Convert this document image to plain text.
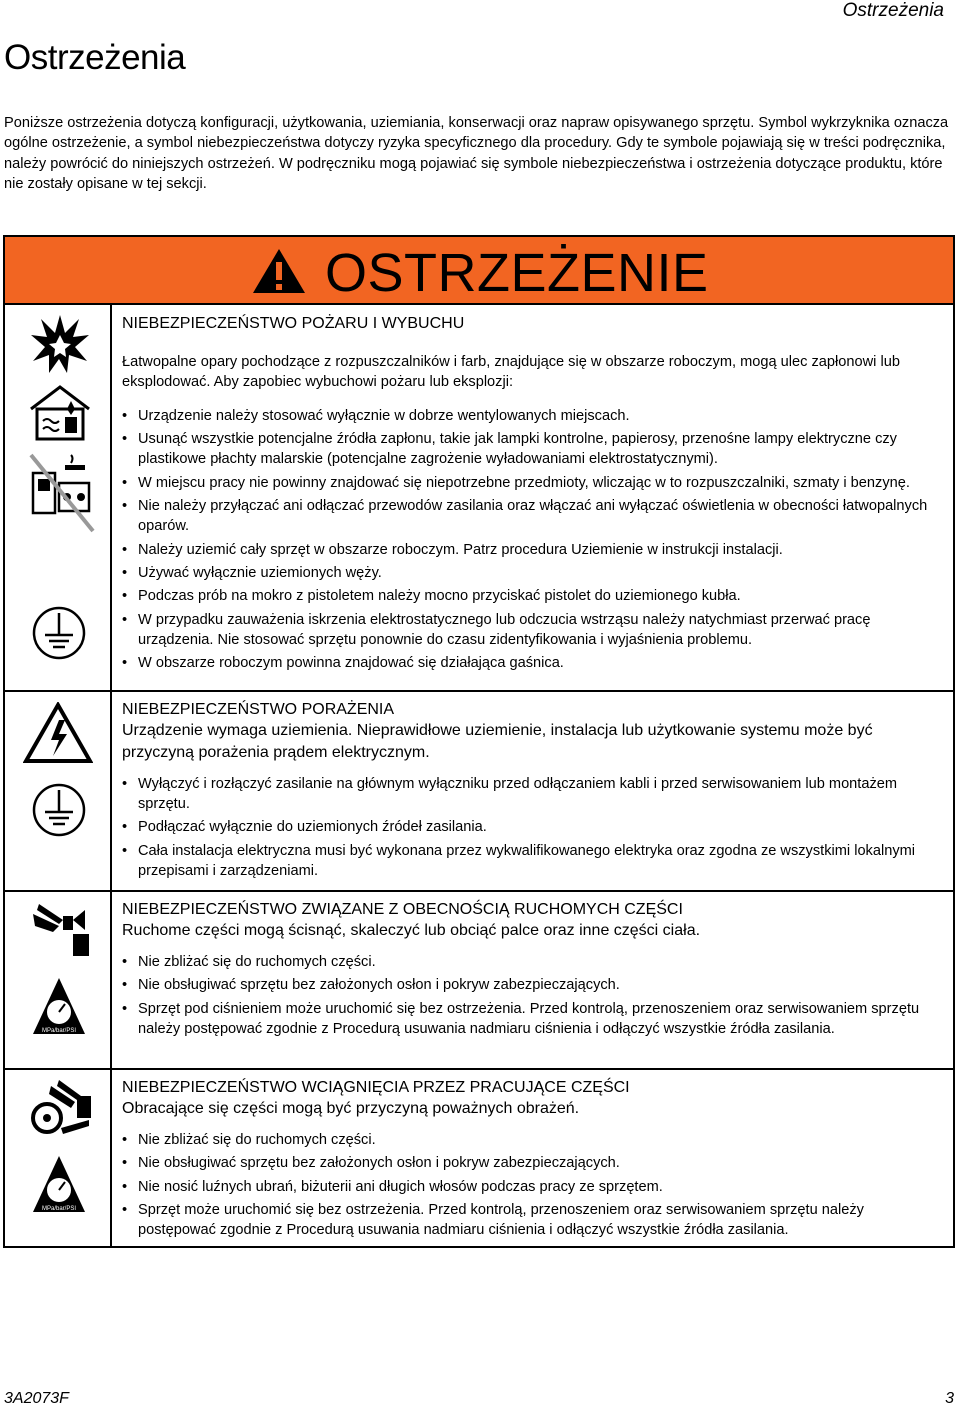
Ostrzeżenia
Ostrzeżenia

Poniższe ostrzeżenia dotyczą konfiguracji, użytkowania, uziemiania, konserwacji oraz napraw opisywanego sprzętu. Symbol wykrzyknika oznacza ogólne ostrzeżenie, a symbol niebezpieczeństwa dotyczy ryzyka specyficznego dla procedury. Gdy te symbole pojawiają się w treści podręcznika, należy powrócić do niniejszych ostrzeżeń. W podręczniku mogą pojawiać się symbole niebezpieczeństwa i ostrzeżenia dotyczące produktu, które nie zostały opisane w tej sekcji.

OSTRZEŻENIE

NIEBEZPIECZEŃSTWO POŻARU I WYBUCHU

Łatwopalne opary pochodzące z rozpuszczalników i farb, znajdujące się w obszarze roboczym, mogą ulec zapłonowi lub eksplodować. Aby zapobiec wybuchowi pożaru lub eksplozji:

• Urządzenie należy stosować wyłącznie w dobrze wentylowanych miejscach.
• Usunąć wszystkie potencjalne źródła zapłonu, takie jak lampki kontrolne, papierosy, przenośne lampy elektryczne czy plastikowe płachty malarskie (potencjalne zagrożenie wyładowaniami elektrostatycznymi).
• W miejscu pracy nie powinny znajdować się niepotrzebne przedmioty, wliczając w to rozpuszczalniki, szmaty i benzynę.
• Nie należy przyłączać ani odłączać przewodów zasilania oraz włączać ani wyłączać oświetlenia w obecności łatwopalnych oparów.
• Należy uziemić cały sprzęt w obszarze roboczym. Patrz procedura Uziemienie w instrukcji instalacji.
• Używać wyłącznie uziemionych węży.
• Podczas prób na mokro z pistoletem należy mocno przyciskać pistolet do uziemionego kubła.
• W przypadku zauważenia iskrzenia elektrostatycznego lub odczucia wstrząsu należy natychmiast przerwać pracę urządzenia. Nie stosować sprzętu ponownie do czasu zidentyfikowania i wyjaśnienia problemu.
• W obszarze roboczym powinna znajdować się działająca gaśnica.

NIEBEZPIECZEŃSTWO PORAŻENIA

Urządzenie wymaga uziemienia. Nieprawidłowe uziemienie, instalacja lub użytkowanie systemu może być przyczyną porażenia prądem elektrycznym.

• Wyłączyć i rozłączyć zasilanie na głównym wyłączniku przed odłączaniem kabli i przed serwisowaniem lub montażem sprzętu.
• Podłączać wyłącznie do uziemionych źródeł zasilania.
• Cała instalacja elektryczna musi być wykonana przez wykwalifikowanego elektryka oraz zgodna ze wszystkimi lokalnymi przepisami i zarządzeniami.
MPa/bar/PSI

NIEBEZPIECZEŃSTWO ZWIĄZANE Z OBECNOŚCIĄ RUCHOMYCH CZĘŚCI

Ruchome części mogą ścisnąć, skaleczyć lub obciąć palce oraz inne części ciała.

• Nie zbliżać się do ruchomych części.
• Nie obsługiwać sprzętu bez założonych osłon i pokryw zabezpieczających.
• Sprzęt pod ciśnieniem może uruchomić się bez ostrzeżenia. Przed kontrolą, przenoszeniem oraz serwisowaniem sprzętu należy postępować zgodnie z Procedurą usuwania nadmiaru ciśnienia i odłączyć wszystkie źródła zasilania.
MPa/bar/PSI

NIEBEZPIECZEŃSTWO WCIĄGNIĘCIA PRZEZ PRACUJĄCE CZĘŚCI

Obracające się części mogą być przyczyną poważnych obrażeń.

• Nie zbliżać się do ruchomych części.
• Nie obsługiwać sprzętu bez założonych osłon i pokryw zabezpieczających.
• Nie nosić luźnych ubrań, biżuterii ani długich włosów podczas pracy ze sprzętem.
• Sprzęt może uruchomić się bez ostrzeżenia. Przed kontrolą, przenoszeniem oraz serwisowaniem sprzętu należy postępować zgodnie z Procedurą usuwania nadmiaru ciśnienia i odłączyć wszystkie źródła zasilania.
3A2073F	3
